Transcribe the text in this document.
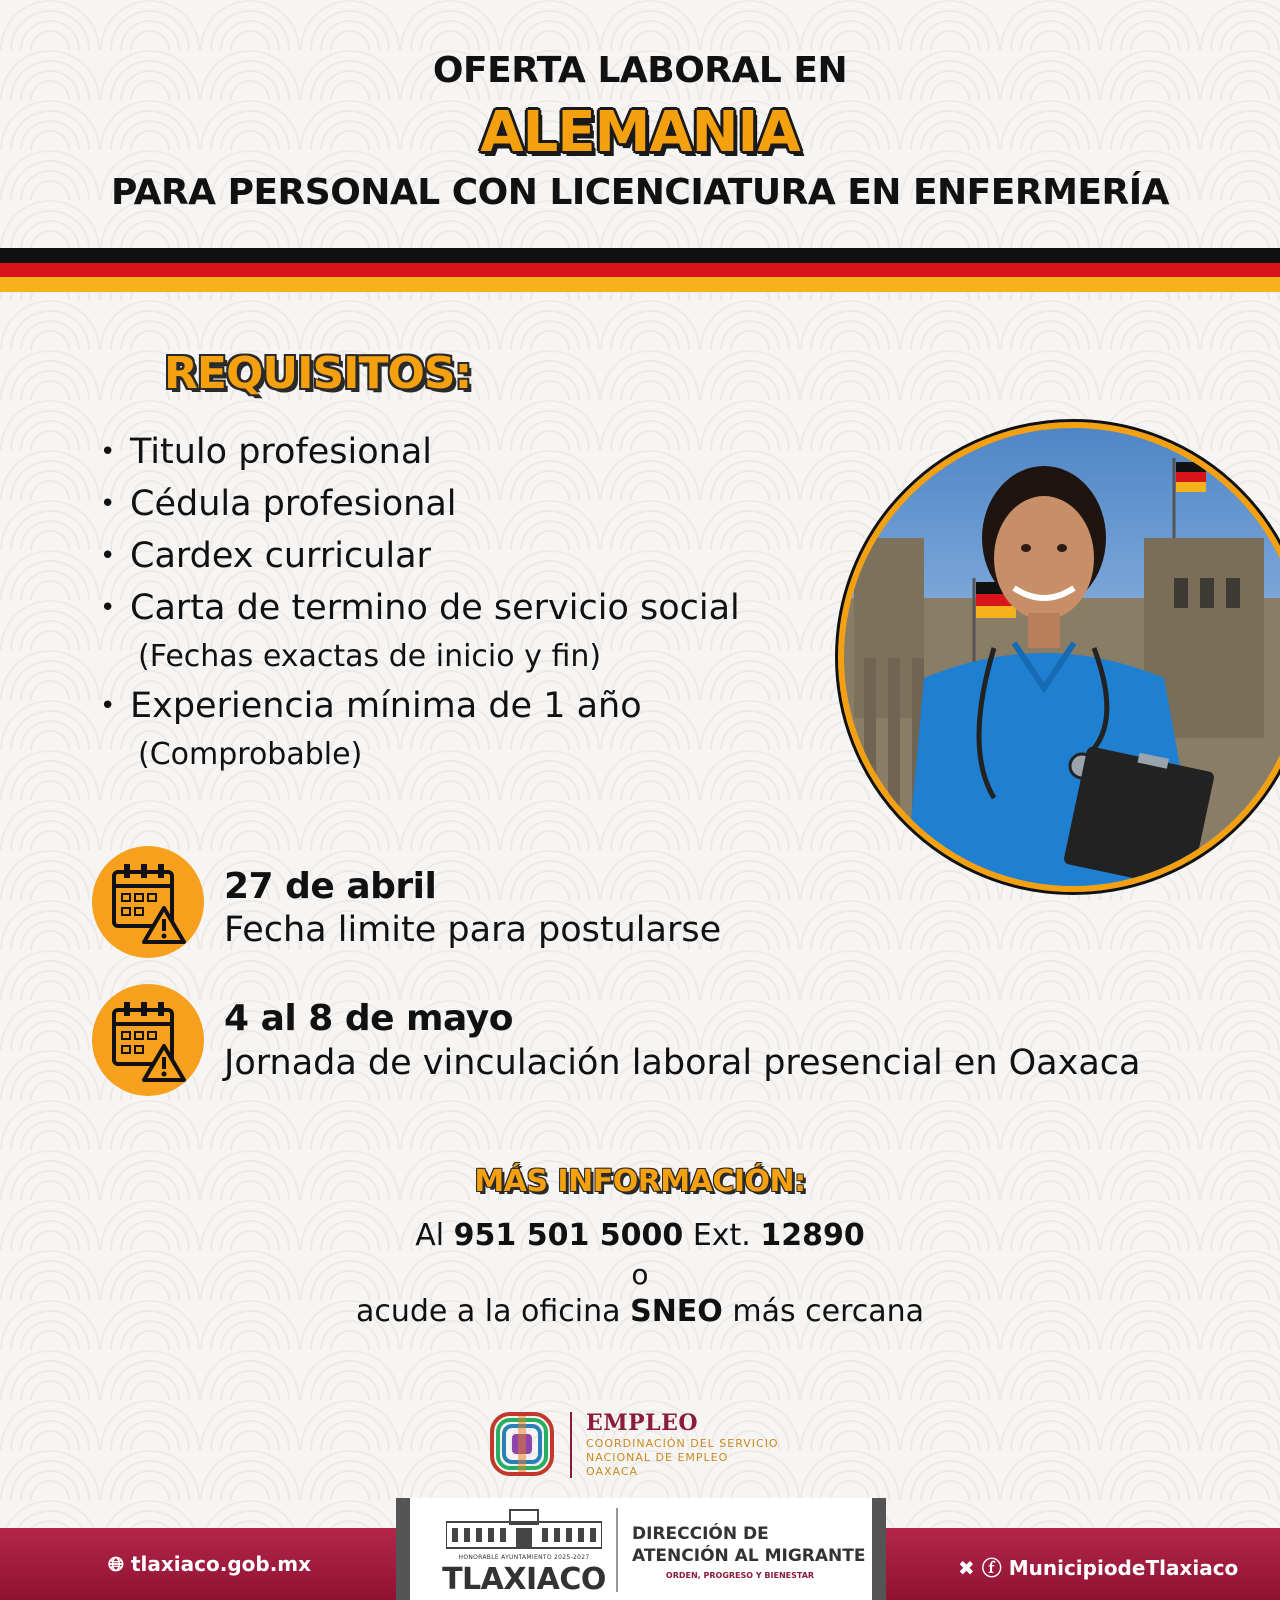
OFERTA LABORAL EN
ALEMANIA
PARA PERSONAL CON LICENCIATURA EN ENFERMERÍA
REQUISITOS:
• Titulo profesional
• Cédula profesional
• Cardex curricular
• Carta de termino de servicio social
(Fechas exactas de inicio y fin)
• Experiencia mínima de 1 año
(Comprobable)
27 de abril
Fecha limite para postularse
4 al 8 de mayo
Jornada de vinculación laboral presencial en Oaxaca
MÁS INFORMACIÓN:
Al 951 501 5000 Ext. 12890
o
acude a la oficina SNEO más cercana
EMPLEO
COORDINACIÓN DEL SERVICIO
NACIONAL DE EMPLEO
OAXACA
🌐︎ tlaxiaco.gob.mx	✖ ⓕ MunicipiodeTlaxiaco
HONORABLE AYUNTAMIENTO 2025-2027
TLAXIACO
DIRECCIÓN DE
ATENCIÓN AL MIGRANTE
ORDEN, PROGRESO Y BIENESTAR
